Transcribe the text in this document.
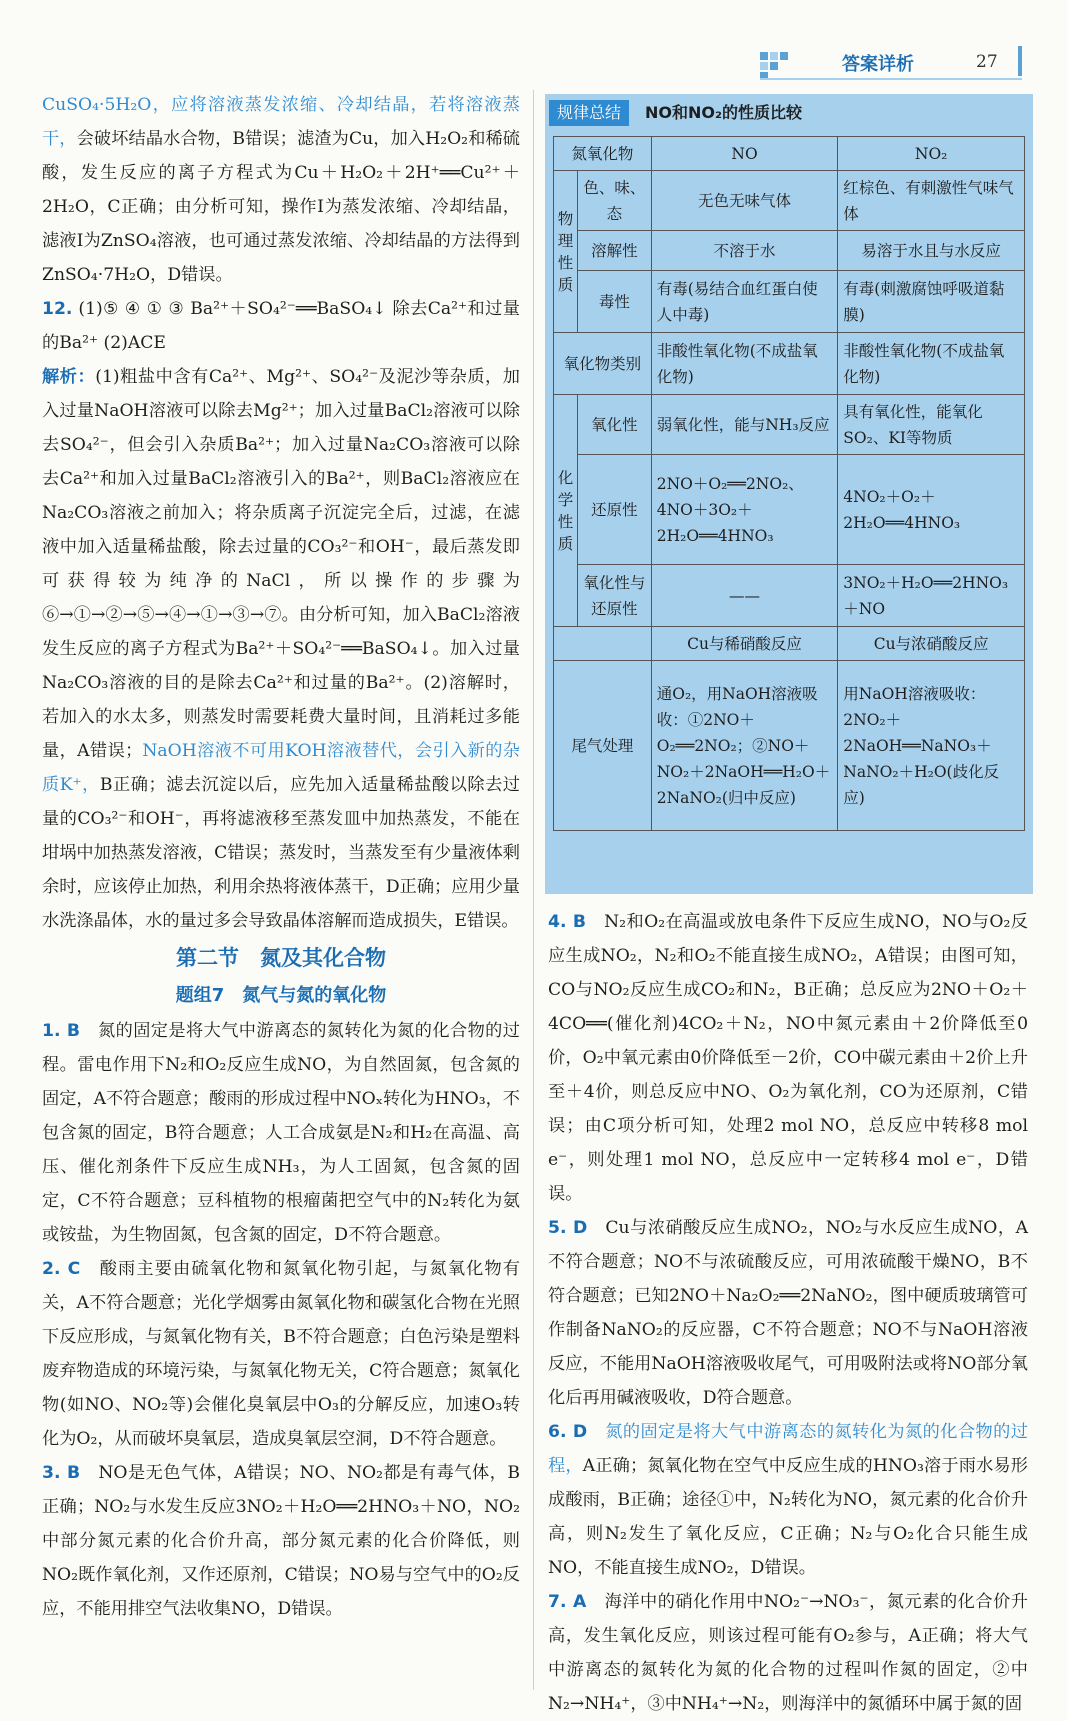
答案详析	27

CuSO₄·5H₂O，应将溶液蒸发浓缩、冷却结晶，若将溶液蒸干，会破坏结晶水合物，B错误；滤渣为Cu，加入H₂O₂和稀硫酸，发生反应的离子方程式为Cu＋H₂O₂＋2H⁺══Cu²⁺＋2H₂O，C正确；由分析可知，操作Ⅰ为蒸发浓缩、冷却结晶，滤液Ⅰ为ZnSO₄溶液，也可通过蒸发浓缩、冷却结晶的方法得到ZnSO₄·7H₂O，D错误。

12. (1)⑤ ④ ① ③ Ba²⁺＋SO₄²⁻══BaSO₄↓ 除去Ca²⁺和过量的Ba²⁺ (2)ACE

解析：(1)粗盐中含有Ca²⁺、Mg²⁺、SO₄²⁻及泥沙等杂质，加入过量NaOH溶液可以除去Mg²⁺；加入过量BaCl₂溶液可以除去SO₄²⁻，但会引入杂质Ba²⁺；加入过量Na₂CO₃溶液可以除去Ca²⁺和加入过量BaCl₂溶液引入的Ba²⁺，则BaCl₂溶液应在Na₂CO₃溶液之前加入；将杂质离子沉淀完全后，过滤，在滤液中加入适量稀盐酸，除去过量的CO₃²⁻和OH⁻，最后蒸发即可获得较为纯净的NaCl，所以操作的步骤为⑥→①→②→⑤→④→①→③→⑦。由分析可知，加入BaCl₂溶液发生反应的离子方程式为Ba²⁺＋SO₄²⁻══BaSO₄↓。加入过量Na₂CO₃溶液的目的是除去Ca²⁺和过量的Ba²⁺。(2)溶解时，若加入的水太多，则蒸发时需要耗费大量时间，且消耗过多能量，A错误；NaOH溶液不可用KOH溶液替代，会引入新的杂质K⁺，B正确；滤去沉淀以后，应先加入适量稀盐酸以除去过量的CO₃²⁻和OH⁻，再将滤液移至蒸发皿中加热蒸发，不能在坩埚中加热蒸发溶液，C错误；蒸发时，当蒸发至有少量液体剩余时，应该停止加热，利用余热将液体蒸干，D正确；应用少量水洗涤晶体，水的量过多会导致晶体溶解而造成损失，E错误。

第二节　氮及其化合物

题组7　氮气与氮的氧化物

1. B　 氮的固定是将大气中游离态的氮转化为氮的化合物的过程。雷电作用下N₂和O₂反应生成NO，为自然固氮，包含氮的固定，A不符合题意；酸雨的形成过程中NOₓ转化为HNO₃，不包含氮的固定，B符合题意；人工合成氨是N₂和H₂在高温、高压、催化剂条件下反应生成NH₃，为人工固氮，包含氮的固定，C不符合题意；豆科植物的根瘤菌把空气中的N₂转化为氨或铵盐，为生物固氮，包含氮的固定，D不符合题意。

2. C　 酸雨主要由硫氧化物和氮氧化物引起，与氮氧化物有关，A不符合题意；光化学烟雾由氮氧化物和碳氢化合物在光照下反应形成，与氮氧化物有关，B不符合题意；白色污染是塑料废弃物造成的环境污染，与氮氧化物无关，C符合题意；氮氧化物(如NO、NO₂等)会催化臭氧层中O₃的分解反应，加速O₃转化为O₂，从而破坏臭氧层，造成臭氧层空洞，D不符合题意。

3. B　 NO是无色气体，A错误；NO、NO₂都是有毒气体，B正确；NO₂与水发生反应3NO₂＋H₂O══2HNO₃＋NO，NO₂中部分氮元素的化合价升高，部分氮元素的化合价降低，则NO₂既作氧化剂，又作还原剂，C错误；NO易与空气中的O₂反应，不能用排空气法收集NO，D错误。

规律总结	NO和NO₂的性质比较
氮氧化物		NO	NO₂
物理性质	色、味、态	无色无味气体	红棕色、有刺激性气味气体
	溶解性	不溶于水	易溶于水且与水反应
	毒性	有毒(易结合血红蛋白使人中毒)	有毒(刺激腐蚀呼吸道黏膜)
氧化物类别		非酸性氧化物(不成盐氧化物)	非酸性氧化物(不成盐氧化物)
化学性质	氧化性	弱氧化性，能与NH₃反应	具有氧化性，能氧化SO₂、KI等物质
	还原性	2NO＋O₂══2NO₂、4NO＋3O₂＋2H₂O══4HNO₃	4NO₂＋O₂＋2H₂O══4HNO₃
	氧化性与还原性	——	3NO₂＋H₂O══2HNO₃＋NO
		Cu与稀硝酸反应	Cu与浓硝酸反应
尾气处理		通O₂，用NaOH溶液吸收：①2NO＋O₂══2NO₂；②NO＋NO₂＋2NaOH══H₂O＋2NaNO₂(归中反应)	用NaOH溶液吸收：2NO₂＋2NaOH══NaNO₃＋NaNO₂＋H₂O(歧化反应)

4. B　 N₂和O₂在高温或放电条件下反应生成NO，NO与O₂反应生成NO₂，N₂和O₂不能直接生成NO₂，A错误；由图可知，CO与NO₂反应生成CO₂和N₂，B正确；总反应为2NO＋O₂＋4CO══(催化剂)4CO₂＋N₂，NO中氮元素由＋2价降低至0价，O₂中氧元素由0价降低至－2价，CO中碳元素由＋2价上升至＋4价，则总反应中NO、O₂为氧化剂，CO为还原剂，C错误；由C项分析可知，处理2 mol NO，总反应中转移8 mol e⁻，则处理1 mol NO，总反应中一定转移4 mol e⁻，D错误。

5. D　 Cu与浓硝酸反应生成NO₂，NO₂与水反应生成NO，A不符合题意；NO不与浓硫酸反应，可用浓硫酸干燥NO，B不符合题意；已知2NO＋Na₂O₂══2NaNO₂，图中硬质玻璃管可作制备NaNO₂的反应器，C不符合题意；NO不与NaOH溶液反应，不能用NaOH溶液吸收尾气，可用吸附法或将NO部分氧化后再用碱液吸收，D符合题意。

6. D　 氮的固定是将大气中游离态的氮转化为氮的化合物的过程，A正确；氮氧化物在空气中反应生成的HNO₃溶于雨水易形成酸雨，B正确；途径①中，N₂转化为NO，氮元素的化合价升高，则N₂发生了氧化反应，C正确；N₂与O₂化合只能生成NO，不能直接生成NO₂，D错误。

7. A　 海洋中的硝化作用中NO₂⁻→NO₃⁻，氮元素的化合价升高，发生氧化反应，则该过程可能有O₂参与，A正确；将大气中游离态的氮转化为氮的化合物的过程叫作氮的固定，②中N₂→NH₄⁺，③中NH₄⁺→N₂，则海洋中的氮循环中属于氮的固
